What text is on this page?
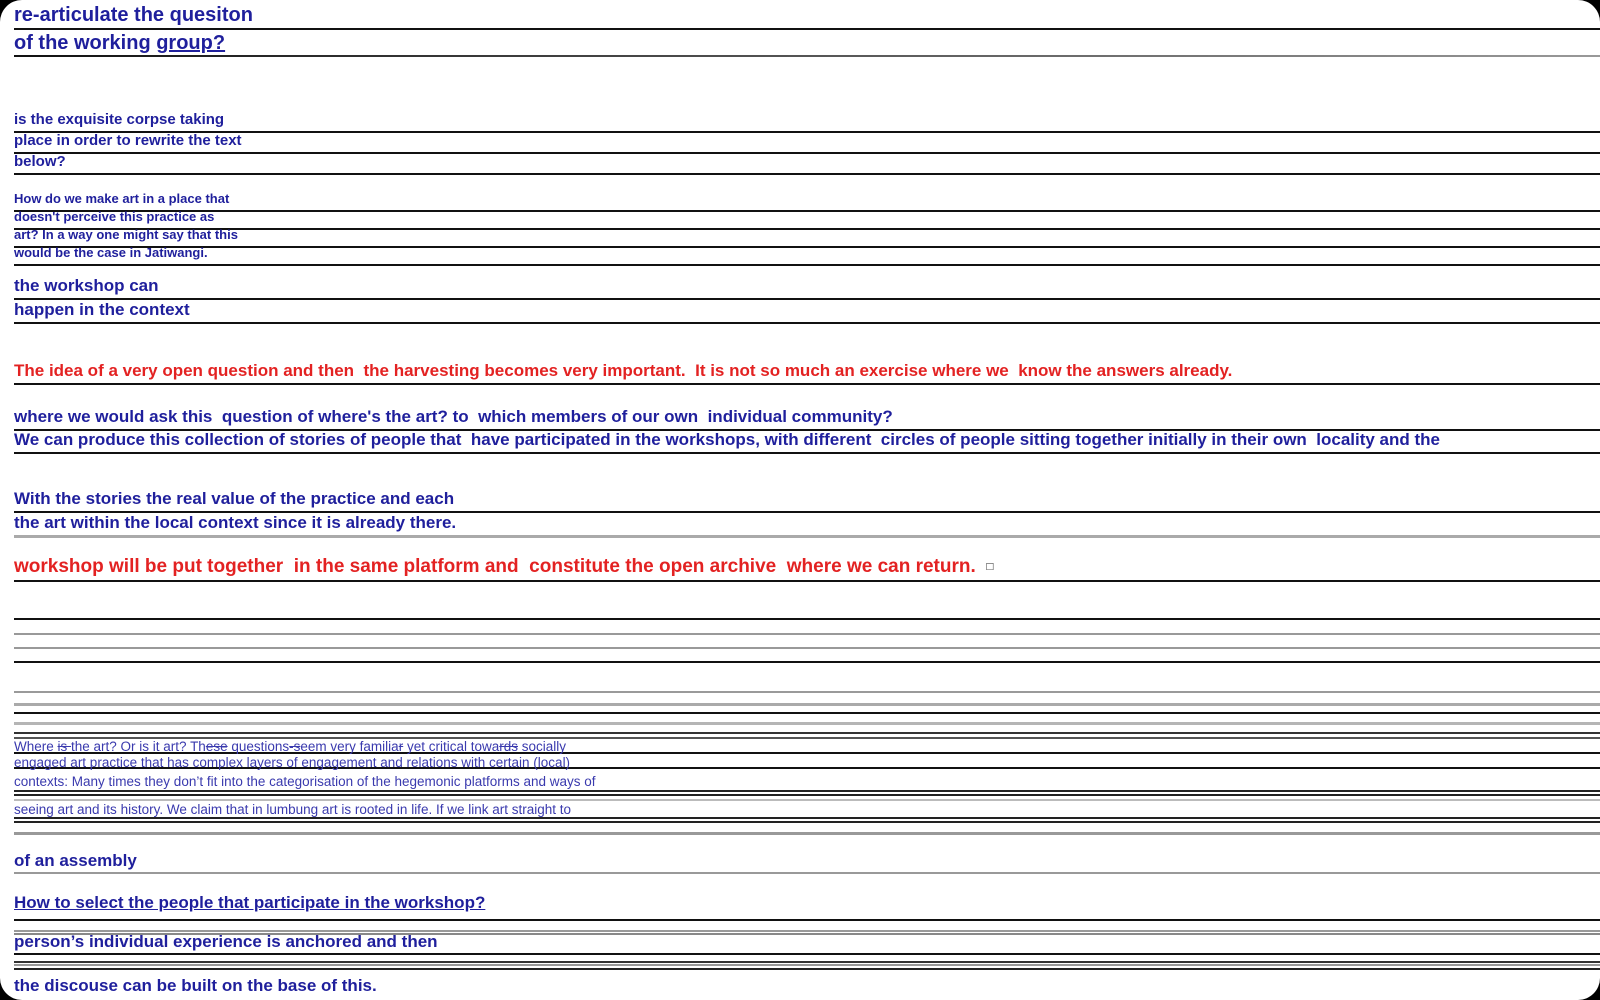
re-articulate the quesiton
of the working group?
is the exquisite corpse taking
place in order to rewrite the text
below?
How do we make art in a place that
doesn't perceive this practice as
art? In a way one might say that this
would be the case in Jatiwangi.
the workshop can
happen in the context
The idea of a very open question and then  the harvesting becomes very important.  It is not so much an exercise where we  know the answers already.
where we would ask this  question of where's the art? to  which members of our own  individual community?
We can produce this collection of stories of people that  have participated in the workshops, with different  circles of people sitting together initially in their own  locality and the
With the stories the real value of the practice and each
the art within the local context since it is already there.
workshop will be put together  in the same platform and  constitute the open archive  where we can return.  □
Where is the art? Or is it art? These questions-seem very familiar yet critical towards socially
engaged art practice that has complex layers of engagement and relations with certain (local)
contexts: Many times they don’t fit into the categorisation of the hegemonic platforms and ways of
seeing art and its history. We claim that in lumbung art is rooted in life. If we link art straight to
of an assembly
How to select the people that participate in the workshop?
person’s individual experience is anchored and then
the discouse can be built on the base of this.
